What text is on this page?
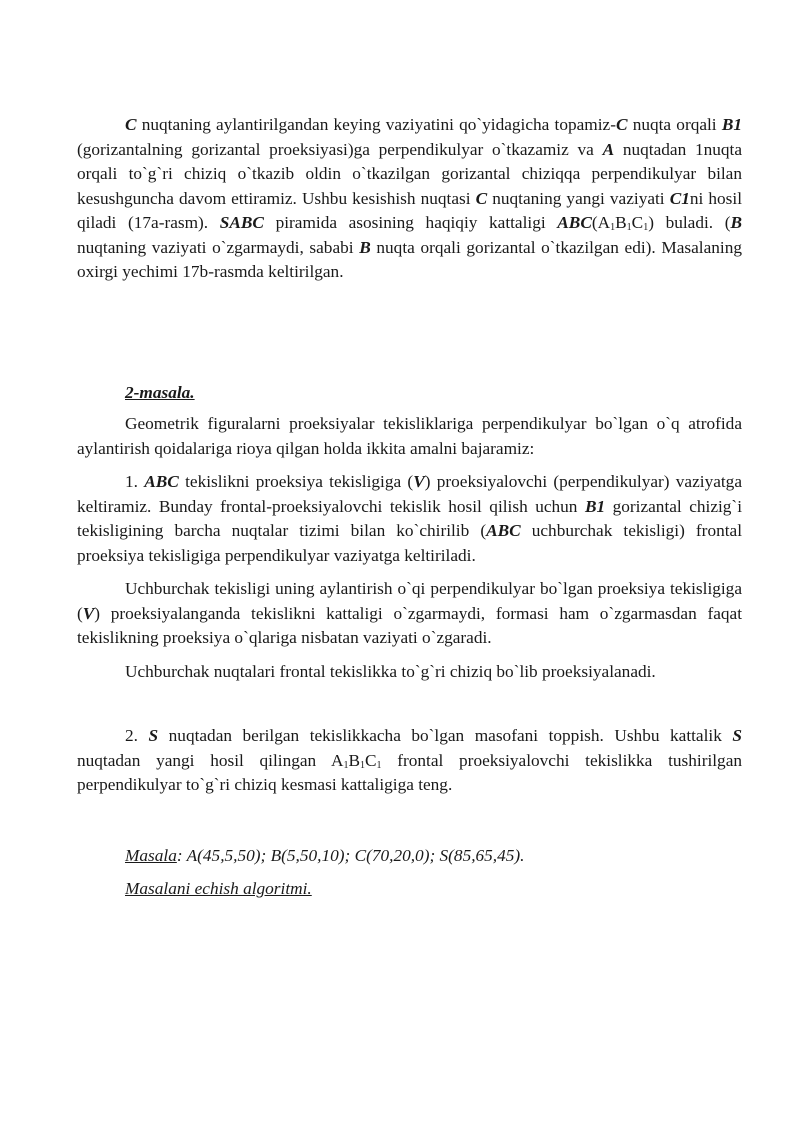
C nuqtaning aylantirilgandan keying vaziyatini qo`yidagicha topamiz-C nuqta orqali B1 (gorizantalning gorizantal proeksiyasi)ga perpendikulyar o`tkazamiz va A nuqtadan 1nuqta orqali to`g`ri chiziq o`tkazib oldin o`tkazilgan gorizantal chiziqqa perpendikulyar bilan kesushguncha davom ettiramiz. Ushbu kesishish nuqtasi C nuqtaning yangi vaziyati C1ni hosil qiladi (17a-rasm). SABC piramida asosining haqiqiy kattaligi $ABC(A_1B_1C_1)$ buladi. (B nuqtaning vaziyati o`zgarmaydi, sababi B nuqta orqali gorizantal o`tkazilgan edi). Masalaning oxirgi yechimi 17b-rasmda keltirilgan.

2-masala.

Geometrik figuralarni proeksiyalar tekisliklariga perpendikulyar bo`lgan o`q atrofida aylantirish qoidalariga rioya qilgan holda ikkita amalni bajaramiz:

1. ABC tekislikni proeksiya tekisligiga (V) proeksiyalovchi (perpendikulyar) vaziyatga keltiramiz. Bunday frontal-proeksiyalovchi tekislik hosil qilish uchun B1 gorizantal chizig`i tekisligining barcha nuqtalar tizimi bilan ko`chirilib (ABC uchburchak tekisligi) frontal proeksiya tekisligiga perpendikulyar vaziyatga keltiriladi.

Uchburchak tekisligi uning aylantirish o`qi perpendikulyar bo`lgan proeksiya tekisligiga (V) proeksiyalanganda tekislikni kattaligi o`zgarmaydi, formasi ham o`zgarmasdan faqat tekislikning proeksiya o`qlariga nisbatan vaziyati o`zgaradi.

Uchburchak nuqtalari frontal tekislikka to`g`ri chiziq bo`lib proeksiyalanadi.

2. S nuqtadan berilgan tekislikkacha bo`lgan masofani toppish. Ushbu kattalik S nuqtadan yangi hosil qilingan $A_1B_1C_1$ frontal proeksiyalovchi tekislikka tushirilgan perpendikulyar to`g`ri chiziq kesmasi kattaligiga teng.

Masala: A(45,5,50); B(5,50,10); C(70,20,0); S(85,65,45).

Masalani echish algoritmi.
